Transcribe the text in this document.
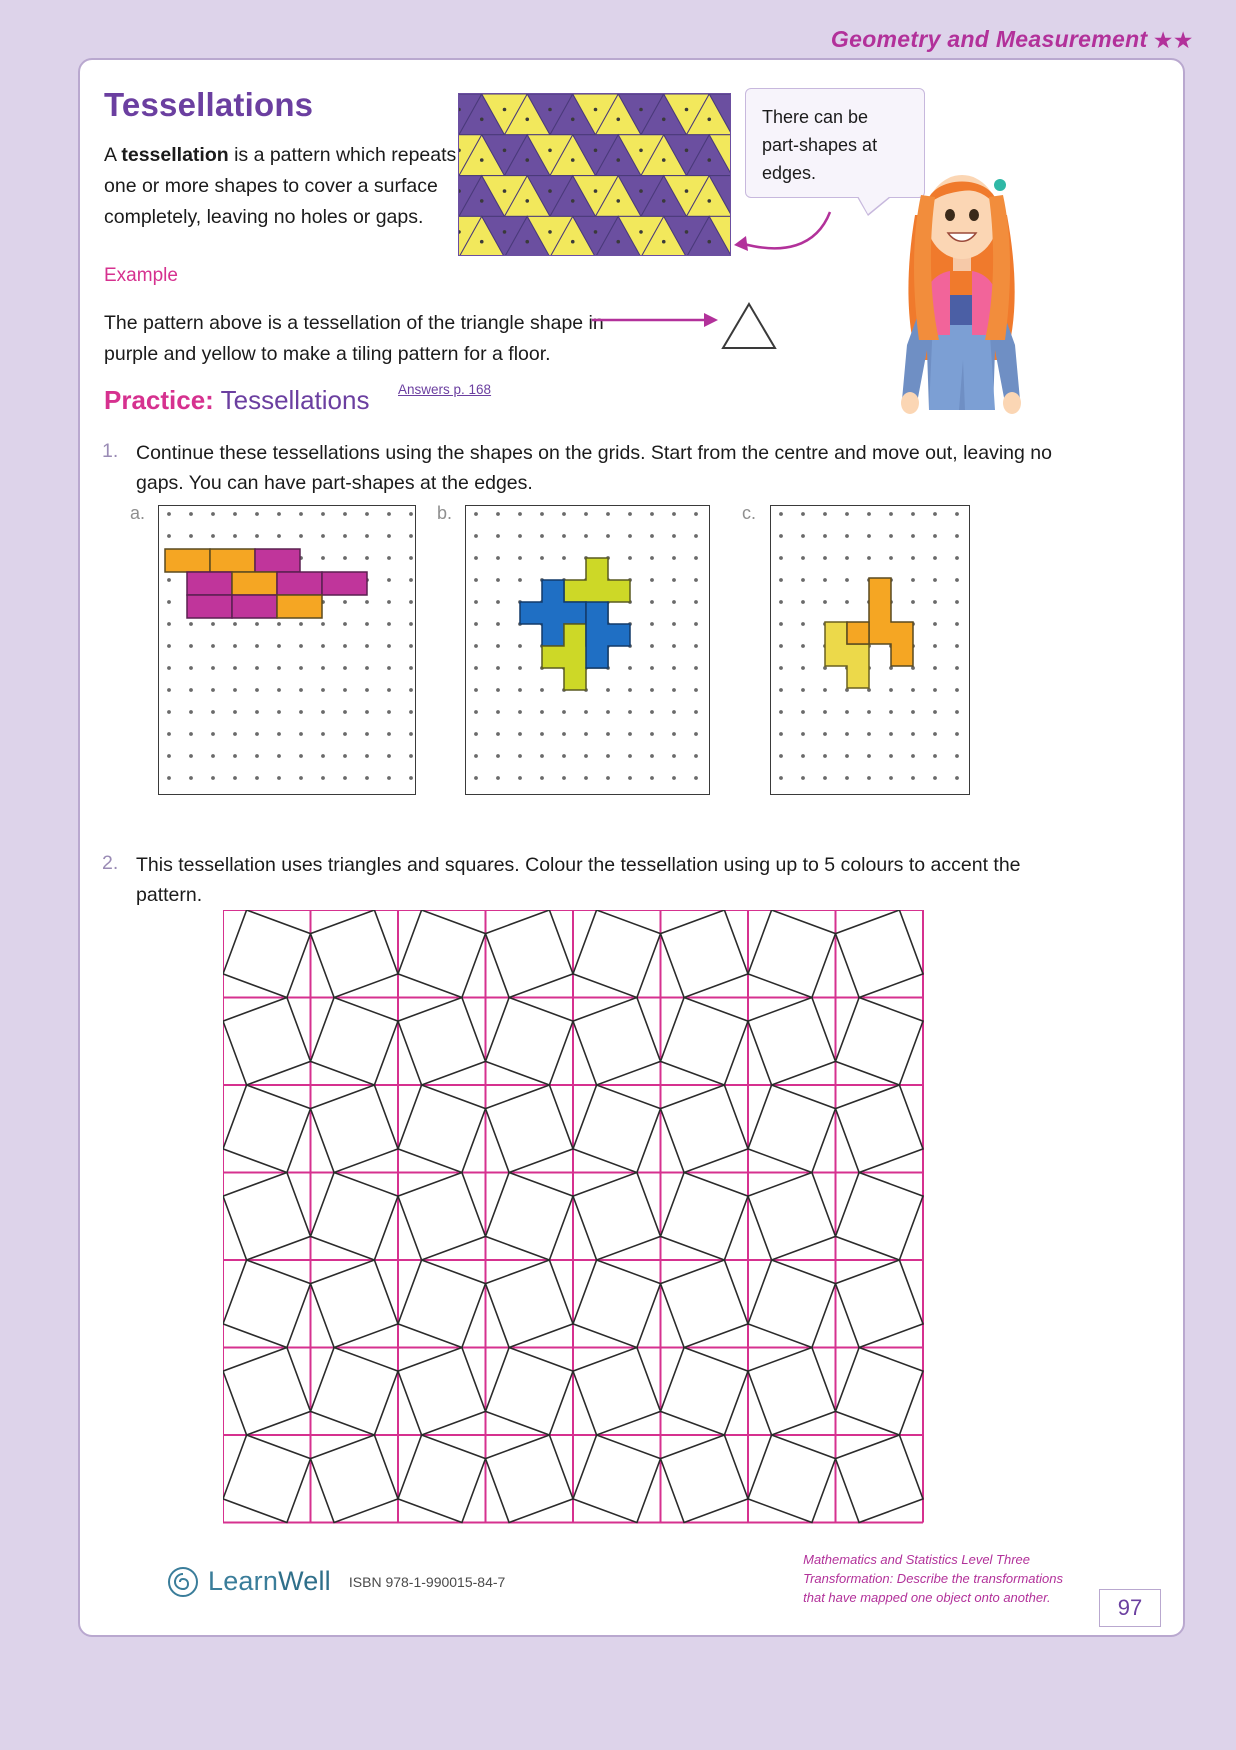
Geometry and Measurement ★★
Tessellations
A tessellation is a pattern which repeats one or more shapes to cover a surface completely, leaving no holes or gaps.
Example
The pattern above is a tessellation of the triangle shape in purple and yellow to make a tiling pattern for a floor.
There can be part-shapes at edges.
Practice: Tessellations Answers p. 168
1. Continue these tessellations using the shapes on the grids. Start from the centre and move out, leaving no gaps. You can have part-shapes at the edges.
a.	b.	c.
2. This tessellation uses triangles and squares. Colour the tessellation using up to 5 colours to accent the pattern.
LearnWell ISBN 978-1-990015-84-7
Mathematics and Statistics Level Three
Transformation: Describe the transformations
that have mapped one object onto another.	97
